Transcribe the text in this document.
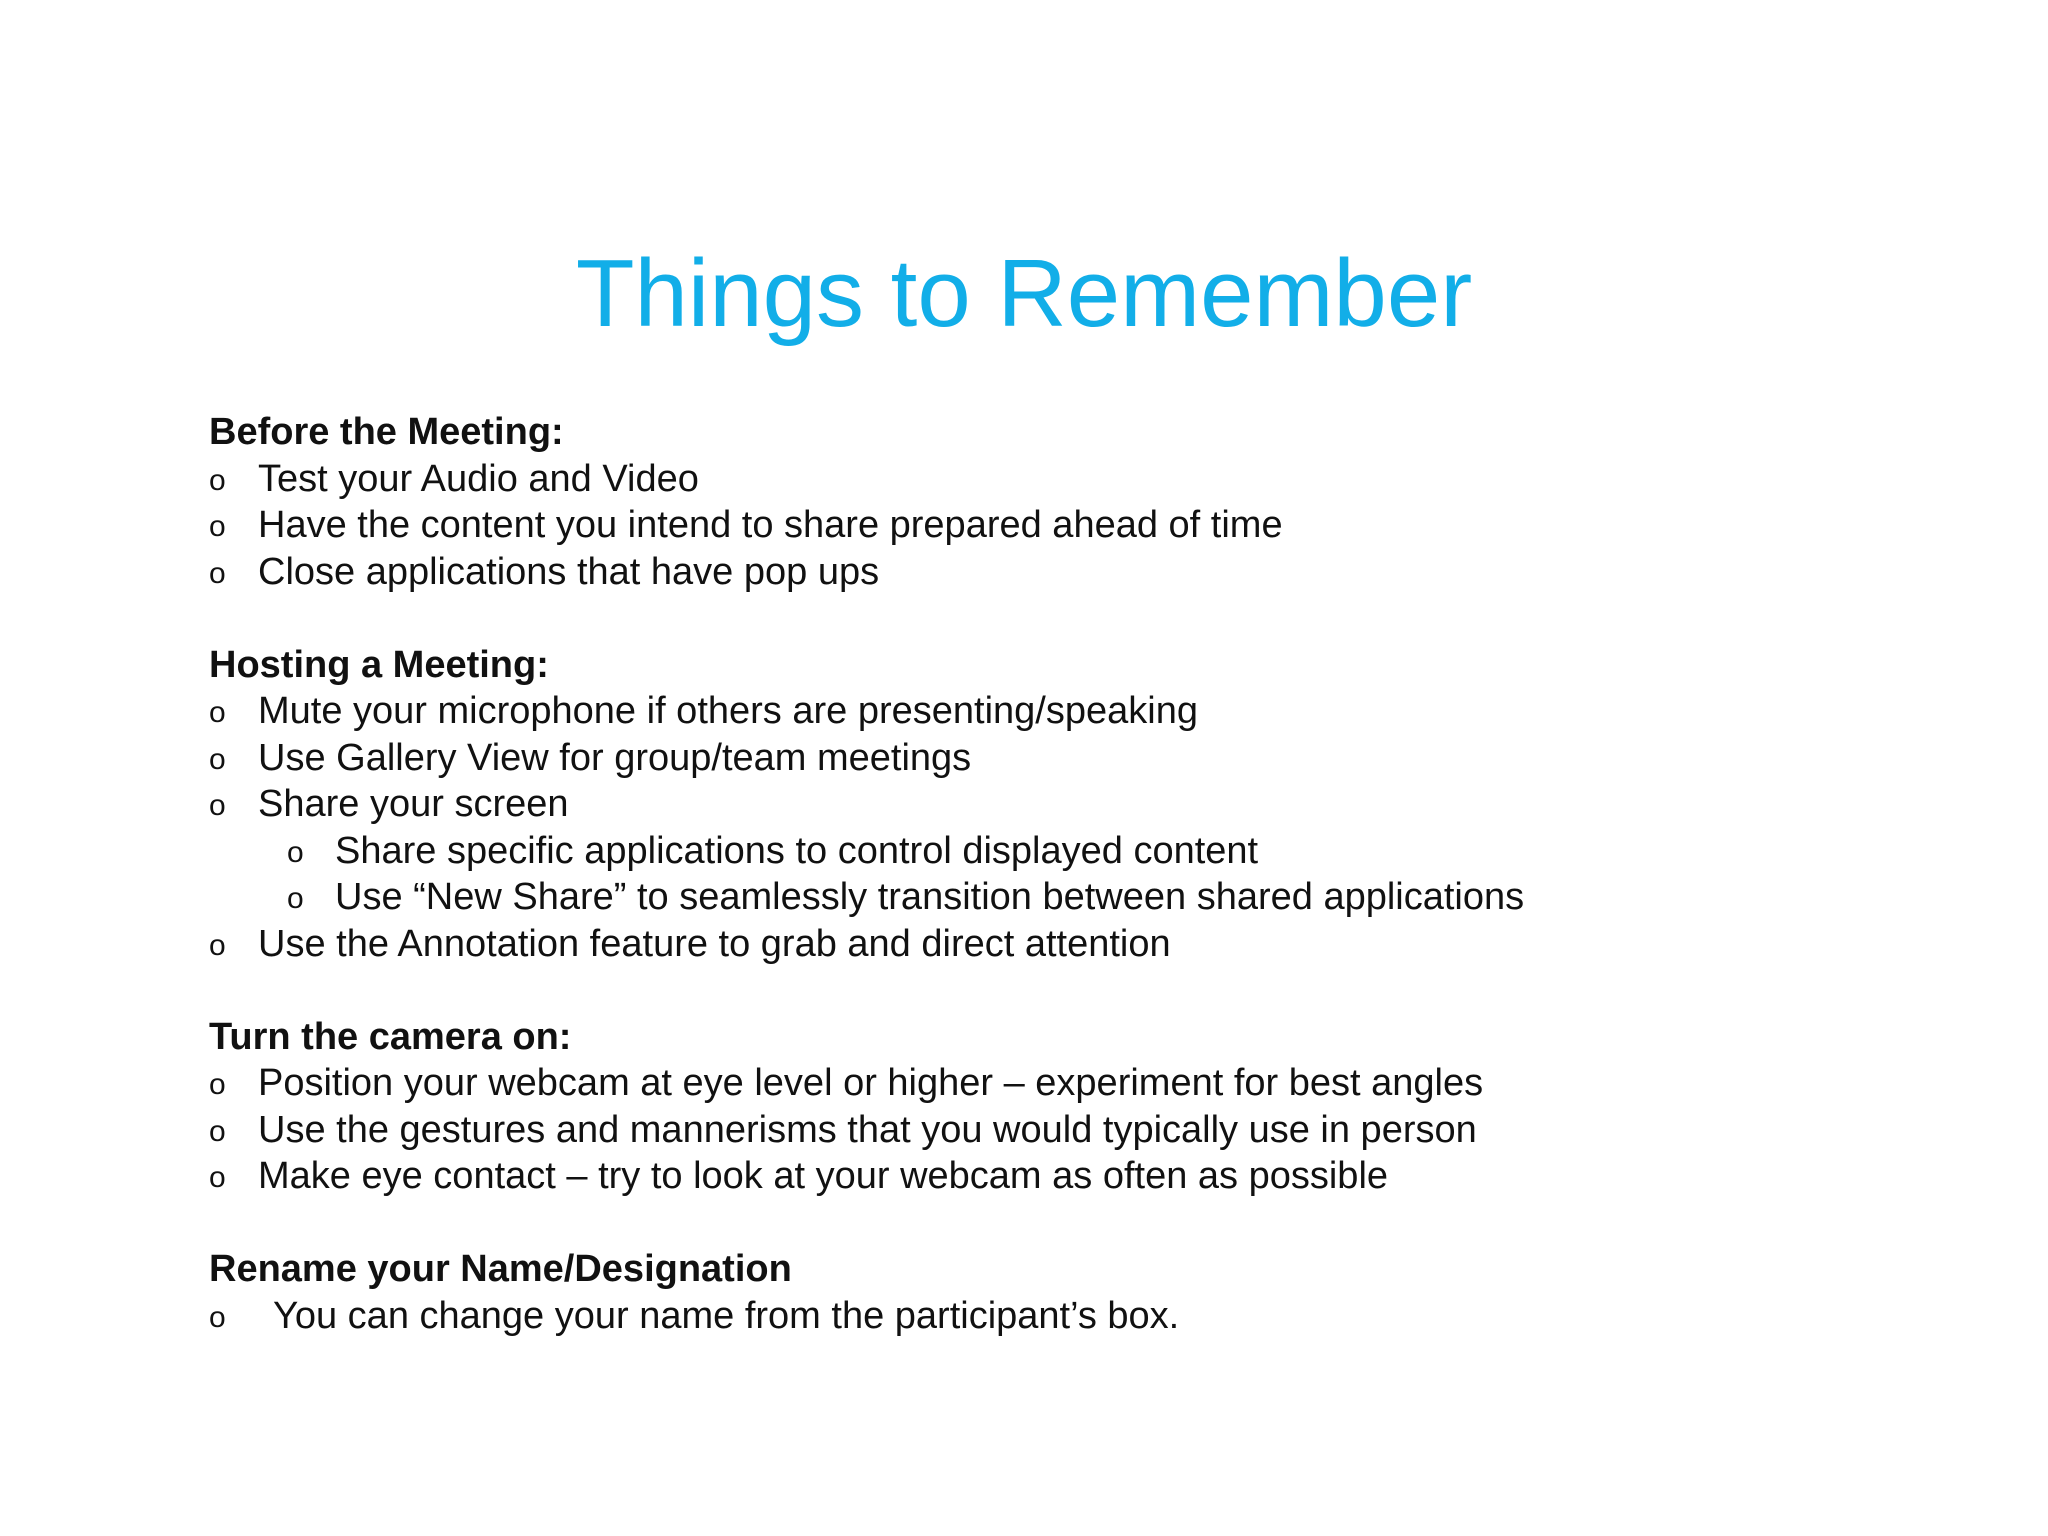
Things to Remember
Before the Meeting:
o Test your Audio and Video
o Have the content you intend to share prepared ahead of time
o Close applications that have pop ups
Hosting a Meeting:
o Mute your microphone if others are presenting/speaking
o Use Gallery View for group/team meetings
o Share your screen
o Share specific applications to control displayed content
o Use “New Share” to seamlessly transition between shared applications
o Use the Annotation feature to grab and direct attention
Turn the camera on:
o Position your webcam at eye level or higher – experiment for best angles
o Use the gestures and mannerisms that you would typically use in person
o Make eye contact – try to look at your webcam as often as possible
Rename your Name/Designation
o You can change your name from the participant’s box.
